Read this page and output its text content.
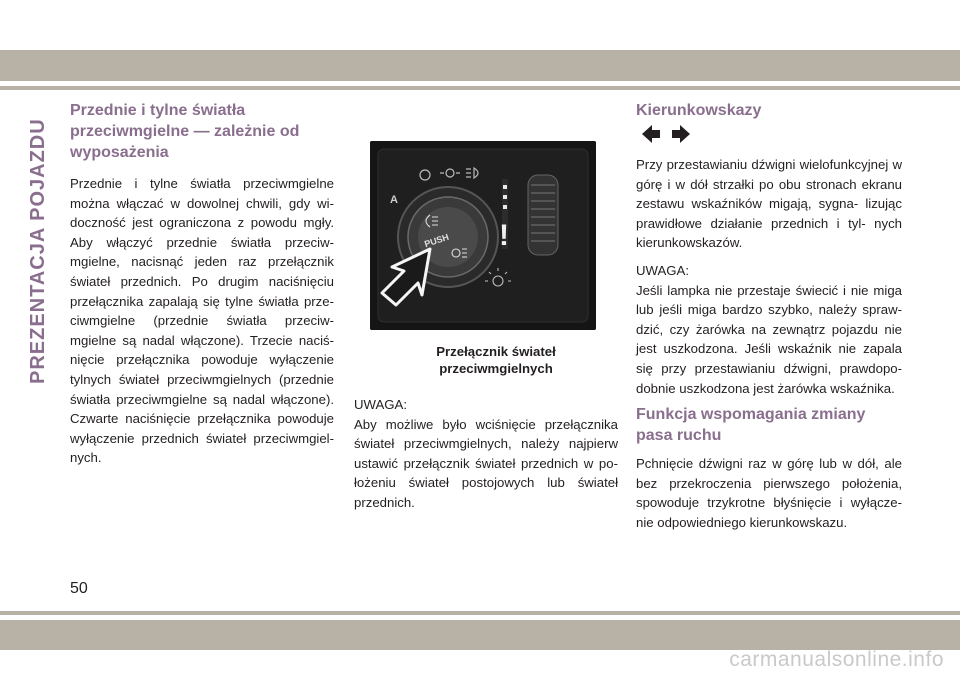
PREZENTACJA POJAZDU
Przednie i tylne światła przeciwmgielne — zależnie od wyposażenia

Przednie i tylne światła przeciwmgielne można włączać w dowolnej chwili, gdy wi- doczność jest ograniczona z powodu mgły. Aby włączyć przednie światła przeciw- mgielne, nacisnąć jeden raz przełącznik świateł przednich. Po drugim naciśnięciu przełącznika zapalają się tylne światła prze- ciwmgielne (przednie światła przeciw- mgielne są nadal włączone). Trzecie naciś- nięcie przełącznika powoduje wyłączenie tylnych świateł przeciwmgielnych (przednie światła przeciwmgielne są nadal włączone). Czwarte naciśnięcie przełącznika powoduje wyłączenie przednich świateł przeciwmgiel- nych.

A
PUSH !
Przełącznik świateł
przeciwmgielnych

UWAGA:

Aby możliwe było wciśnięcie przełącznika świateł przeciwmgielnych, należy najpierw ustawić przełącznik świateł przednich w po- łożeniu świateł postojowych lub świateł przednich.

Kierunkowskazy

Przy przestawianiu dźwigni wielofunkcyjnej w górę i w dół strzałki po obu stronach ekranu zestawu wskaźników migają, sygna- lizując prawidłowe działanie przednich i tyl- nych kierunkowskazów.

UWAGA:

Jeśli lampka nie przestaje świecić i nie miga lub jeśli miga bardzo szybko, należy spraw- dzić, czy żarówka na zewnątrz pojazdu nie jest uszkodzona. Jeśli wskaźnik nie zapala się przy przestawianiu dźwigni, prawdopo- dobnie uszkodzona jest żarówka wskaźnika.

Funkcja wspomagania zmiany pasa ruchu

Pchnięcie dźwigni raz w górę lub w dół, ale bez przekroczenia pierwszego położenia, spowoduje trzykrotne błyśnięcie i wyłącze- nie odpowiedniego kierunkowskazu.

50
carmanualsonline.info
